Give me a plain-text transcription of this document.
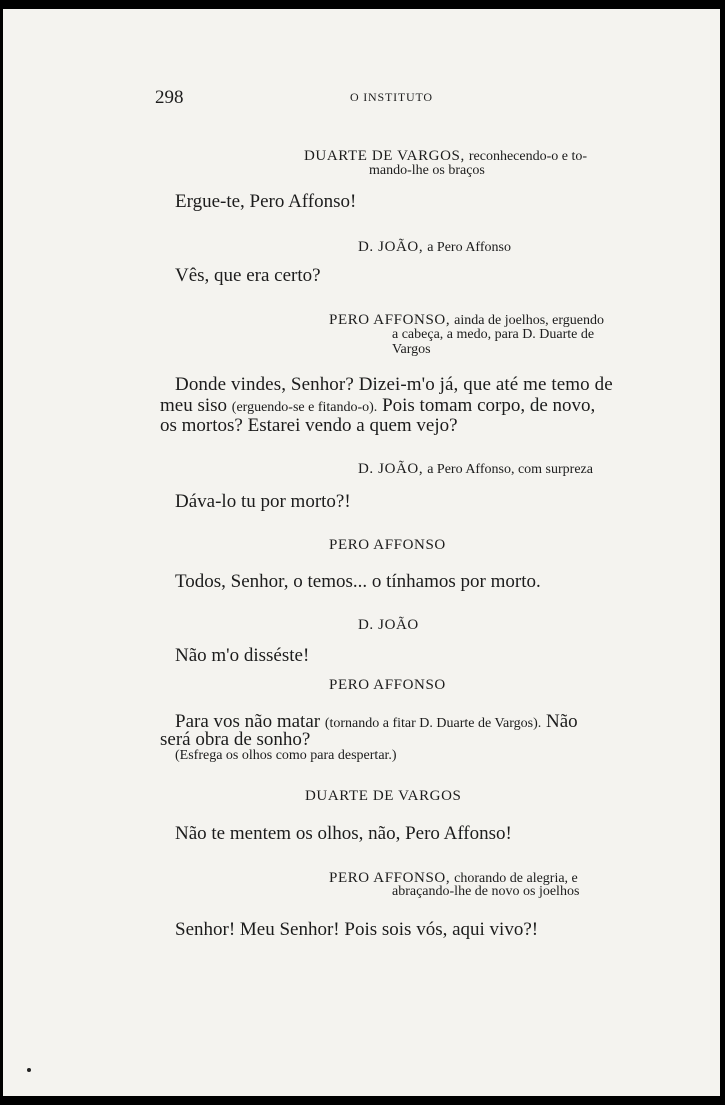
298	O INSTITUTO
DUARTE DE VARGOS, reconhecendo-o e to-
mando-lhe os braços
Ergue-te, Pero Affonso!
D. JOÃO, a Pero Affonso
Vês, que era certo?
PERO AFFONSO, ainda de joelhos, erguendo
a cabeça, a medo, para D. Duarte de
Vargos
Donde vindes, Senhor? Dizei-m'o já, que até me temo de
meu siso (erguendo-se e fitando-o). Pois tomam corpo, de novo,
os mortos? Estarei vendo a quem vejo?
D. JOÃO, a Pero Affonso, com surpreza
Dáva-lo tu por morto?!
PERO AFFONSO
Todos, Senhor, o temos... o tínhamos por morto.
D. JOÃO
Não m'o dissésteǃ
PERO AFFONSO
Para vos não matar (tornando a fitar D. Duarte de Vargos). Não
será obra de sonho?
(Esfrega os olhos como para despertar.)
DUARTE DE VARGOS
Não te mentem os olhos, não, Pero Affonso!
PERO AFFONSO, chorando de alegria, e
abraçando-lhe de novo os joelhos
Senhor! Meu Senhor! Pois sois vós, aqui vivo?!
